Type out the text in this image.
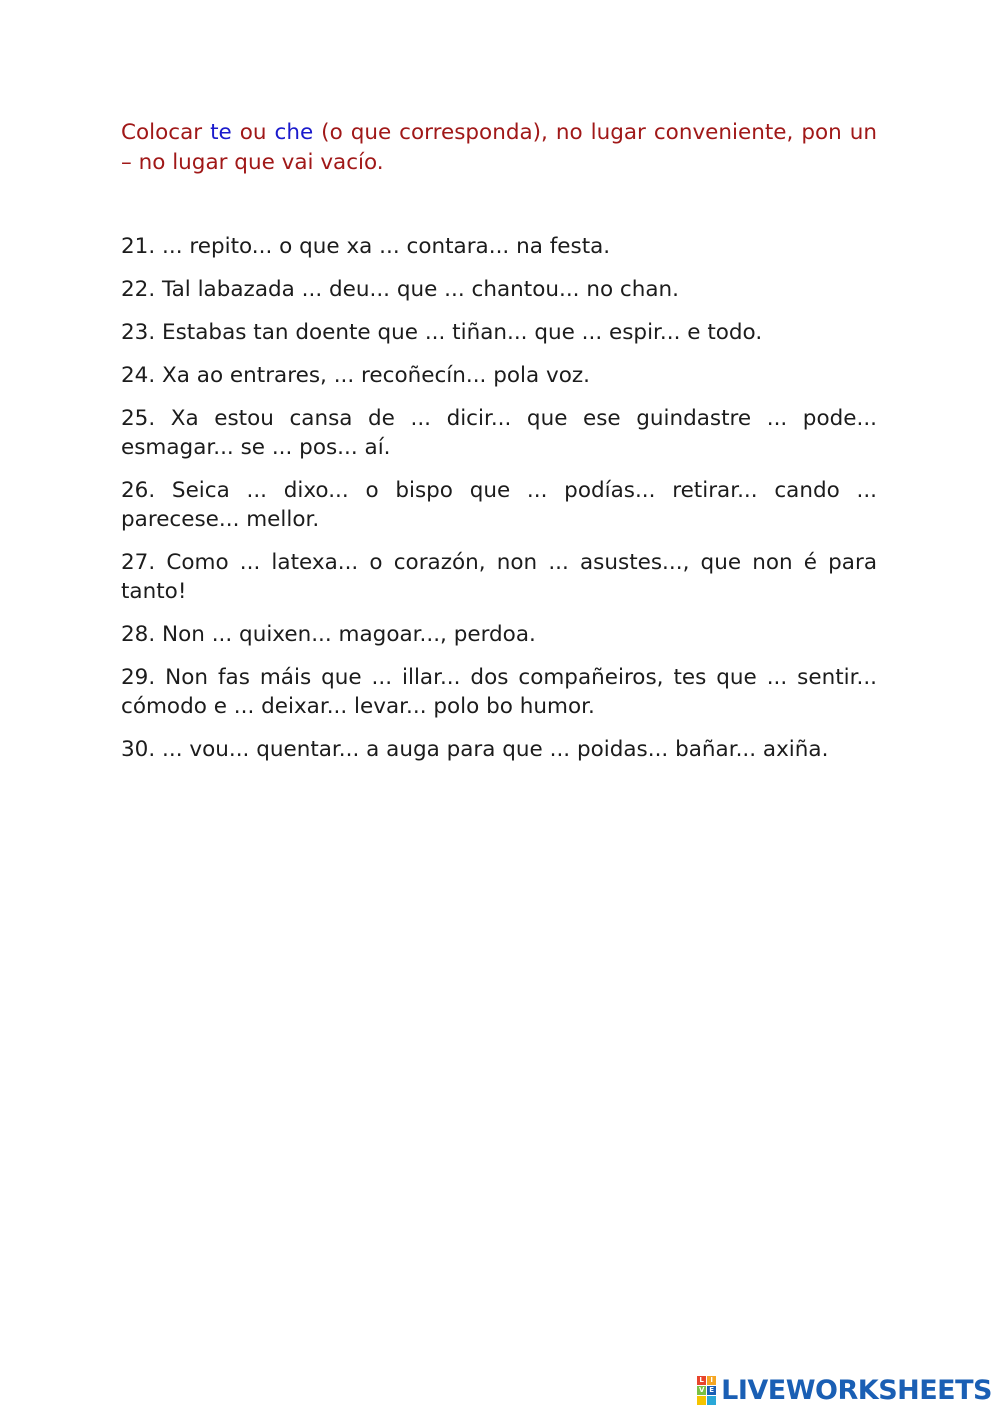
Colocar te ou che (o que corresponda), no lugar conveniente, pon un – no lugar que vai vacío.

21. ... repito... o que xa ... contara... na festa.
22. Tal labazada ... deu... que ... chantou... no chan.
23. Estabas tan doente que ... tiñan... que ... espir... e todo.
24. Xa ao entrares, ... recoñecín... pola voz.
25. Xa estou cansa de ... dicir... que ese guindastre ... pode... esmagar... se ... pos... aí.
26. Seica ... dixo... o bispo que ... podías... retirar... cando ... parecese... mellor.
27. Como ... latexa... o corazón, non ... asustes..., que non é para tanto!
28. Non ... quixen... magoar..., perdoa.
29. Non fas máis que ... illar... dos compañeiros, tes que ... sentir... cómodo e ... deixar... levar... polo bo humor.
30. ... vou... quentar... a auga para que ... poidas... bañar... axiña.
L I
V E LIVEWORKSHEETS
